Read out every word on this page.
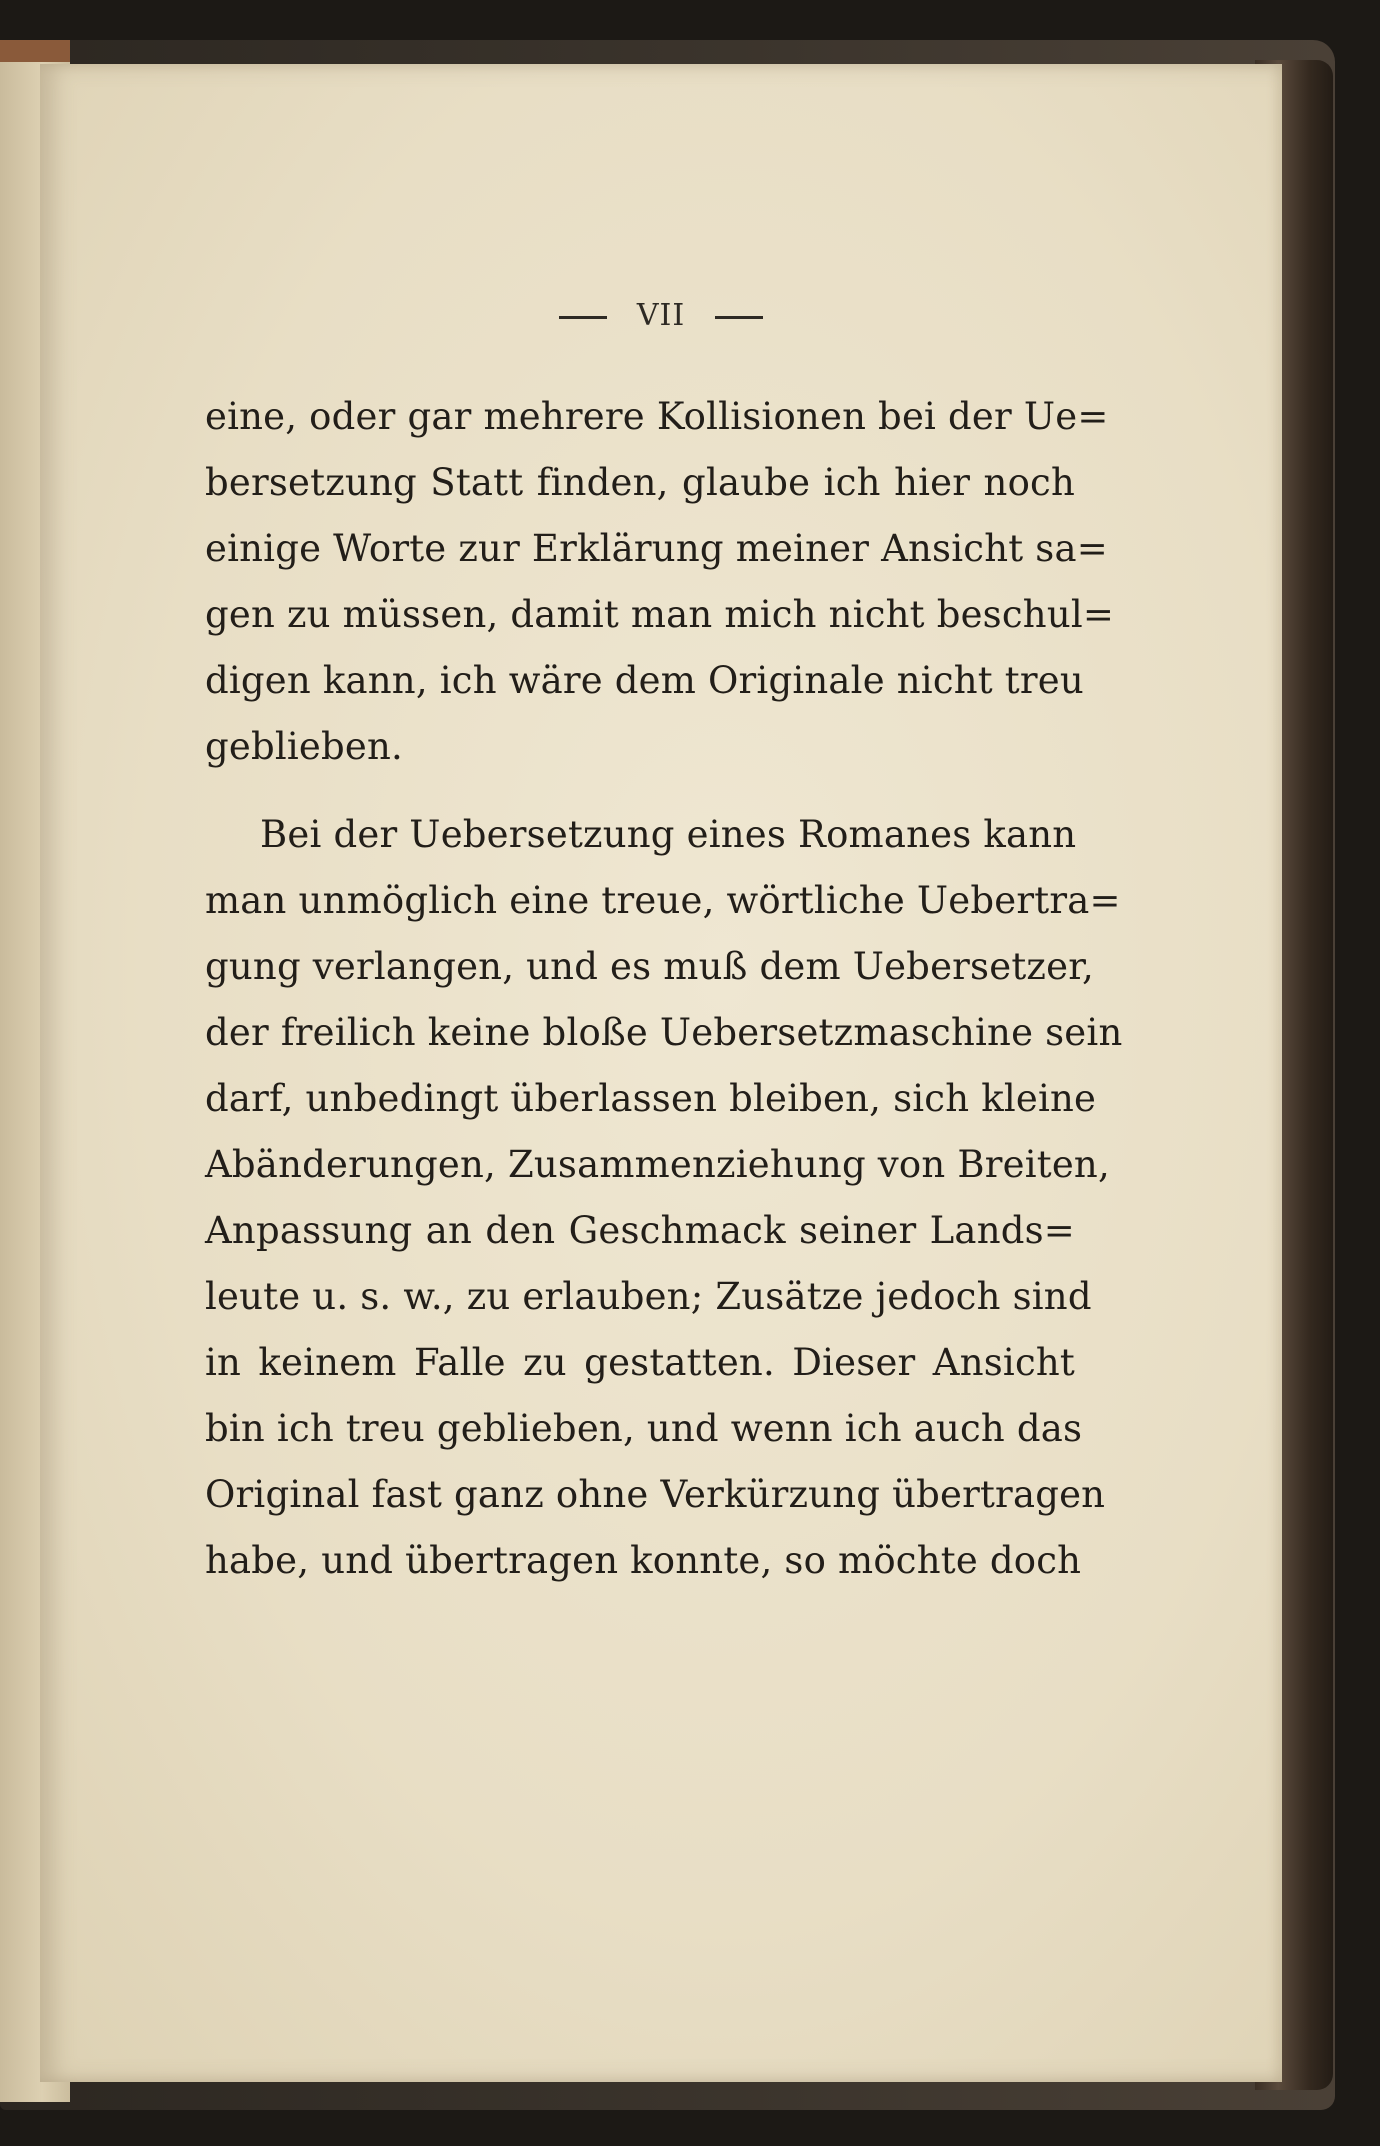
VII
eine, oder gar mehrere Kollisionen bei der Ue=
bersetzung Statt finden, glaube ich hier noch
einige Worte zur Erklärung meiner Ansicht sa=
gen zu müssen, damit man mich nicht beschul=
digen kann, ich wäre dem Originale nicht treu
geblieben.
Bei der Uebersetzung eines Romanes kann
man unmöglich eine treue, wörtliche Uebertra=
gung verlangen, und es muß dem Uebersetzer,
der freilich keine bloße Uebersetzmaschine sein
darf, unbedingt überlassen bleiben, sich kleine
Abänderungen, Zusammenziehung von Breiten,
Anpassung an den Geschmack seiner Lands=
leute u. s. w., zu erlauben; Zusätze jedoch sind
in keinem Falle zu gestatten. Dieser Ansicht
bin ich treu geblieben, und wenn ich auch das
Original fast ganz ohne Verkürzung übertragen
habe, und übertragen konnte, so möchte doch
